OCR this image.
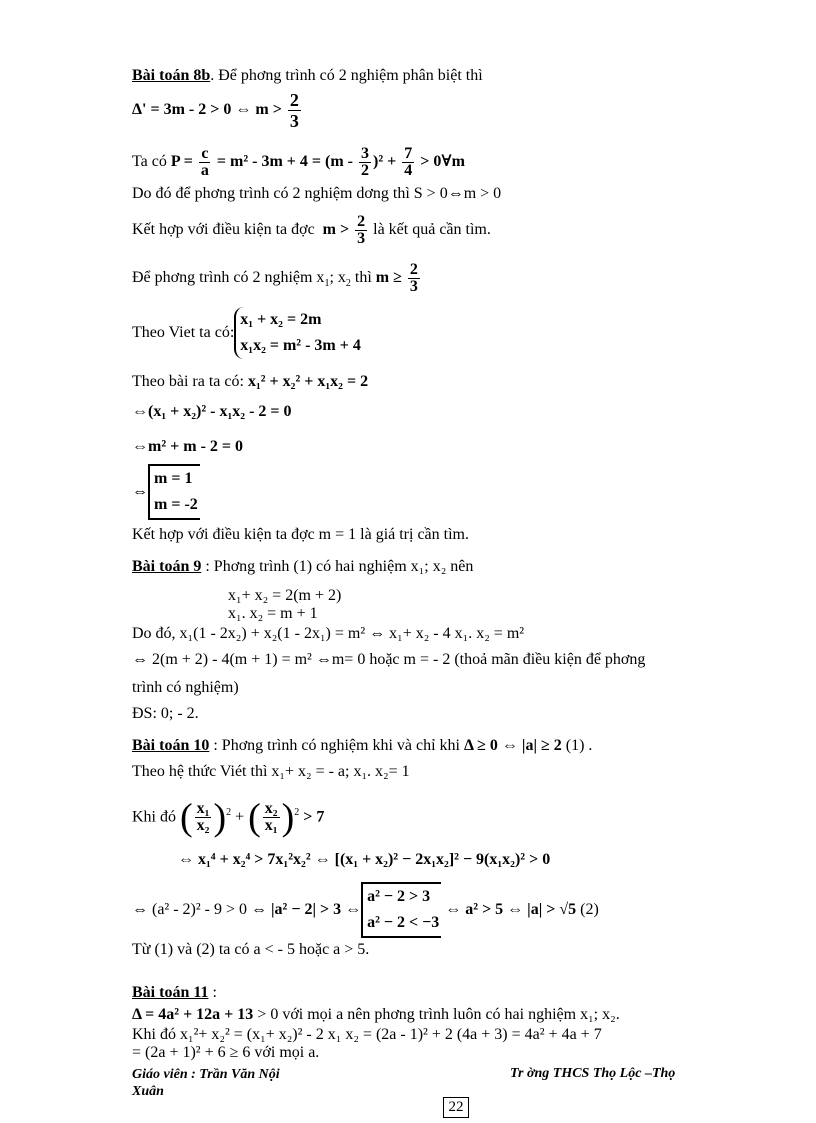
Bài toán 8b. Để phơng trình có 2 nghiệm phân biệt thì
Δ' = 3m - 2 > 0 ⇔ $m > \frac{2}{3}$
Ta có $P = \frac{c}{a} = m^2 - 3m + 4 = (m - \frac{3}{2} )^2 + \frac{7}{4}$ > 0∀m
Do đó để phơng trình có 2 nghiệm dơng thì S > 0⇔m > 0
Kết hợp với điều kiện ta đợc $m > \frac{2}{3}$ là kết quả cần tìm.
Để phơng trình có 2 nghiệm $x_1$; $x_2$ thì $m \ge \frac{2}{3}$
Theo Viet ta có:
x₁ + x₂ = 2m
x₁x₂ = m² - 3m + 4
Theo bài ra ta có: x₁² + x₂² + x₁x₂ = 2
⇔(x₁ + x₂)² - x₁x₂ - 2 = 0
⇔m² + m - 2 = 0
⇔
m = 1
m = -2
Kết hợp với điều kiện ta đợc m = 1 là giá trị cần tìm.
Bài toán 9 : Phơng trình (1) có hai nghiệm x₁; x₂ nên
x₁+ x₂ = 2(m + 2)
x₁. x₂ = m + 1
Do đó, x₁(1 - 2x₂) + x₂(1 - 2x₁) = m² ⇔ x₁+ x₂ - 4 x₁. x₂ = m²
⇔ 2(m + 2) - 4(m + 1) = m² ⇔m= 0 hoặc m = - 2 (thoả mãn điều kiện để phơng
trình có nghiệm)
ĐS: 0; - 2.
Bài toán 10 : Phơng trình có nghiệm khi và chỉ khi Δ ≥ 0 ⇔ |a| ≥ 2 (1) .
Theo hệ thức Viét thì x₁+ x₂ = - a; x₁. x₂= 1
Khi đó ( $\frac{\text{x₁}}{\text{x₂}} )^2$ + ( $\frac{\text{x₂}}{\text{x₁}} )^2 > 7$
⇔ x₁⁴ + x₂⁴ > 7x₁²x₂² ⇔ [(x₁ + x₂)² − 2x₁x₂]² − 9(x₁x₂)² > 0
⇔ (a² - 2)² - 9 > 0 ⇔ |a² − 2| > 3 ⇔
a² − 2 > 3
a² − 2 < −3
⇔ a² > 5 ⇔ |a| > √5 (2)
Từ (1) và (2) ta có a < - 5 hoặc a > 5.
Bài toán 11 :
Δ = 4a² + 12a + 13 > 0 với mọi a nên phơng trình luôn có hai nghiệm x₁; x₂.
Khi đó x₁²+ x₂² = (x₁+ x₂)² - 2 x₁ x₂ = (2a - 1)² + 2 (4a + 3) = 4a² + 4a + 7
= (2a + 1)² + 6 ≥ 6 với mọi a.
Giáo viên : Trần Văn Nội
Xuân
Tr ờng THCS Thọ Lộc –Thọ
22
